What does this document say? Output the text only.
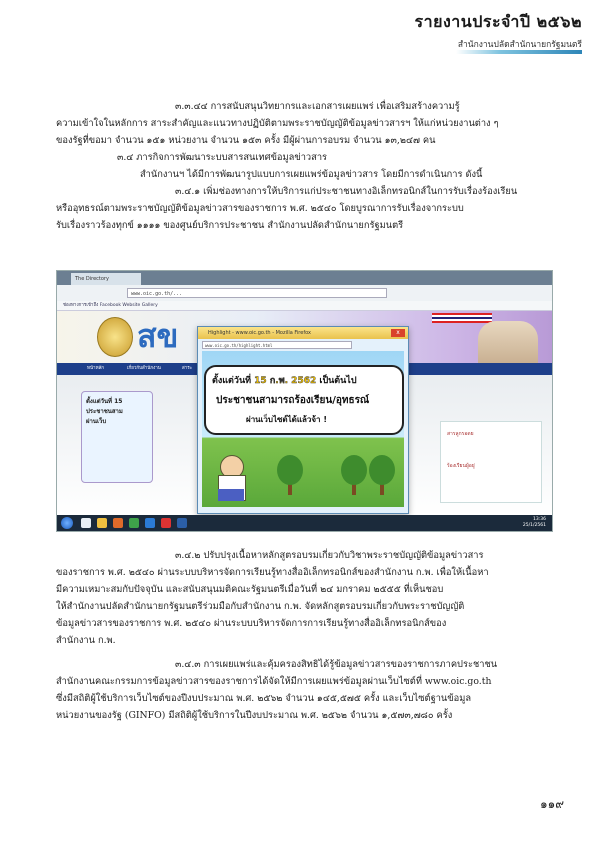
รายงานประจำปี ๒๕๖๒
สำนักงานปลัดสำนักนายกรัฐมนตรี
๓.๓.๔๔ การสนับสนุนวิทยากรและเอกสารเผยแพร่ เพื่อเสริมสร้างความรู้
ความเข้าใจในหลักการ สาระสำคัญและแนวทางปฏิบัติตามพระราชบัญญัติข้อมูลข่าวสารฯ ให้แก่หน่วยงานต่าง ๆ
ของรัฐที่ขอมา จำนวน ๑๕๑ หน่วยงาน จำนวน ๑๕๓ ครั้ง มีผู้ผ่านการอบรม จำนวน ๑๓,๒๔๗ คน
๓.๔ ภารกิจการพัฒนาระบบสารสนเทศข้อมูลข่าวสาร
สำนักงานฯ ได้มีการพัฒนารูปแบบการเผยแพร่ข้อมูลข่าวสาร โดยมีการดำเนินการ ดังนี้
๓.๔.๑ เพิ่มช่องทางการให้บริการแก่ประชาชนทางอิเล็กทรอนิกส์ในการรับเรื่องร้องเรียน
หรืออุทธรณ์ตามพระราชบัญญัติข้อมูลข่าวสารของราชการ พ.ศ. ๒๕๔๐ โดยบูรณาการรับเรื่องจากระบบ
รับเรื่องราวร้องทุกข์ ๑๑๑๑ ของศูนย์บริการประชาชน สำนักงานปลัดสำนักนายกรัฐมนตรี
The Directory
www.oic.go.th/...
ช่องทางการเข้าถึง Facebook Website Gallery
สข
หน้าหลัก	เกี่ยวกับสำนักงาน	สาระ
ตั้งแต่วันที่ 15
ประชาชนสาม
ผ่านเว็บ
สารลูกรอดย
ร้องเรียนผู้อยู่
Highlight - www.oic.go.th - Mozilla Firefox	x
www.oic.go.th/highlight.html
ตั้งแต่วันที่ 15 ก.พ. 2562 เป็นต้นไป
ประชาชนสามารถร้องเรียน/อุทธรณ์
ผ่านเว็บไซต์ได้แล้วจ้า !
13:36
25/1/2561
๓.๔.๒ ปรับปรุงเนื้อหาหลักสูตรอบรมเกี่ยวกับวิชาพระราชบัญญัติข้อมูลข่าวสาร
ของราชการ พ.ศ. ๒๕๔๐ ผ่านระบบบริหารจัดการเรียนรู้ทางสื่ออิเล็กทรอนิกส์ของสำนักงาน ก.พ. เพื่อให้เนื้อหา
มีความเหมาะสมกับปัจจุบัน และสนับสนุนมติคณะรัฐมนตรีเมื่อวันที่ ๒๔ มกราคม ๒๕๕๕ ที่เห็นชอบ
ให้สำนักงานปลัดสำนักนายกรัฐมนตรีร่วมมือกับสำนักงาน ก.พ. จัดหลักสูตรอบรมเกี่ยวกับพระราชบัญญัติ
ข้อมูลข่าวสารของราชการ พ.ศ. ๒๕๔๐ ผ่านระบบบริหารจัดการการเรียนรู้ทางสื่ออิเล็กทรอนิกส์ของ
สำนักงาน ก.พ.
๓.๔.๓ การเผยแพร่และคุ้มครองสิทธิได้รู้ข้อมูลข่าวสารของราชการภาคประชาชน
สำนักงานคณะกรรมการข้อมูลข่าวสารของราชการได้จัดให้มีการเผยแพร่ข้อมูลผ่านเว็บไซต์ที่ www.oic.go.th
ซึ่งมีสถิติผู้ใช้บริการเว็บไซต์ของปีงบประมาณ พ.ศ. ๒๕๖๒ จำนวน ๑๔๕,๕๗๕ ครั้ง และเว็บไซต์ฐานข้อมูล
หน่วยงานของรัฐ (GINFO) มีสถิติผู้ใช้บริการในปีงบประมาณ พ.ศ. ๒๕๖๒ จำนวน ๑,๕๗๓,๗๘๐ ครั้ง
๑๑๙
